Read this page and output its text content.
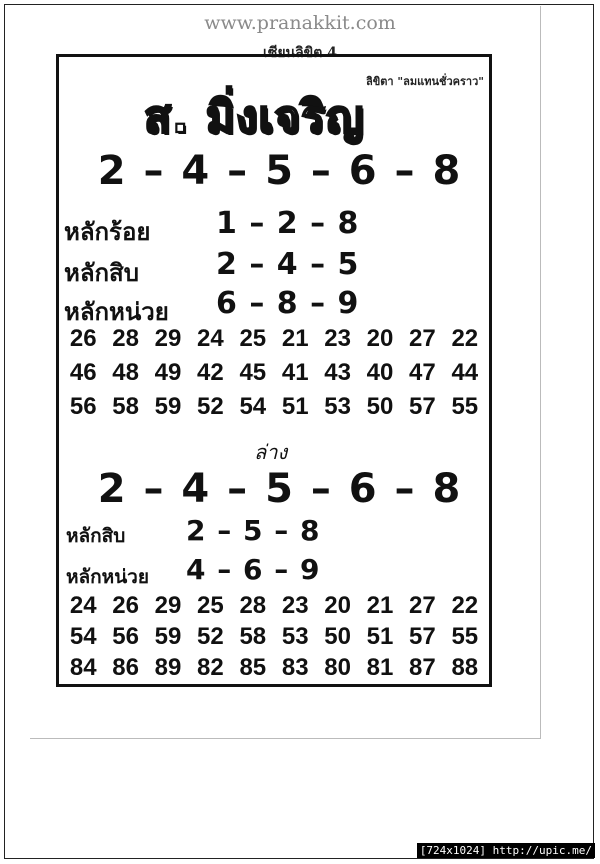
www.pranakkit.com
เซียนลิขิต 4
ลิขิตา "ลมแทนชั่วคราว"
ส. มิ่งเจริญ
2 – 4 – 5 – 6 – 8
หลักร้อย 1 – 2 – 8
หลักสิบ	2 – 4 – 5
หลักหน่วย 6 – 8 – 9
26 28 29 24 25 21 23 20 27 22
46 48 49 42 45 41 43 40 47 44
56 58 59 52 54 51 53 50 57 55
ล่าง
2 – 4 – 5 – 6 – 8
หลักสิบ 2 – 5 – 8
หลักหน่วย 4 – 6 – 9
24 26 29 25 28 23 20 21 27 22
54 56 59 52 58 53 50 51 57 55
84 86 89 82 85 83 80 81 87 88
[724x1024] http://upic.me/
